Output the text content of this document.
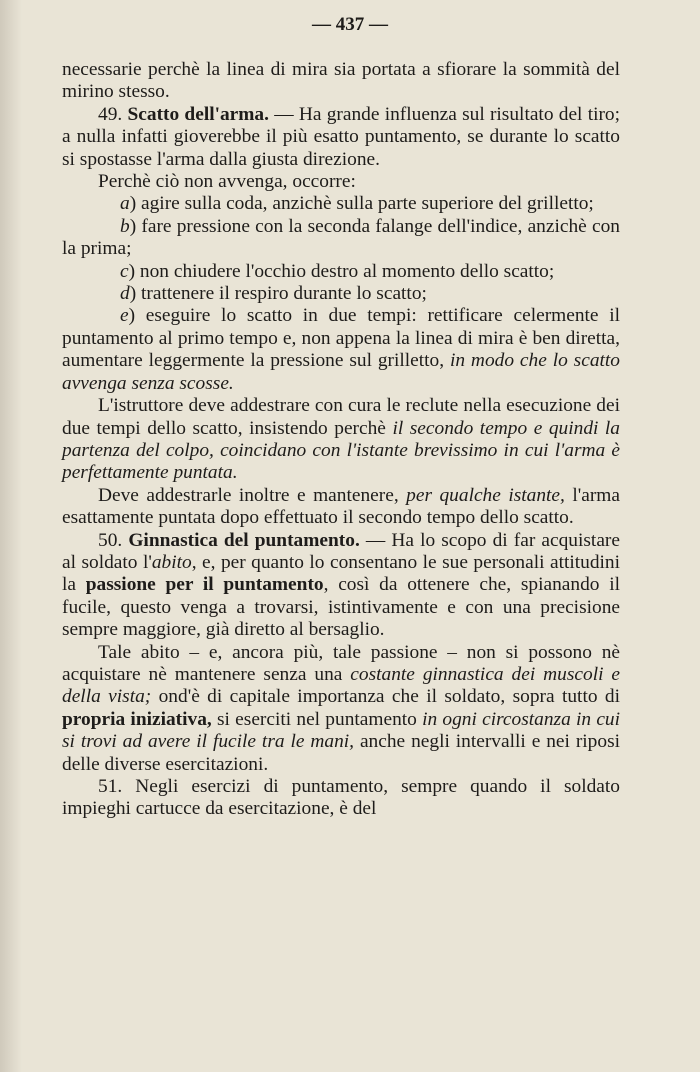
— 437 —

necessarie perchè la linea di mira sia portata a sfiorare la sommità del mirino stesso.

49. Scatto dell'arma. — Ha grande influenza sul risultato del tiro; a nulla infatti gioverebbe il più esatto puntamento, se durante lo scatto si spostasse l'arma dalla giusta direzione.

Perchè ciò non avvenga, occorre:

a) agire sulla coda, anzichè sulla parte superiore del grilletto;

b) fare pressione con la seconda falange dell'indice, anzichè con la prima;

c) non chiudere l'occhio destro al momento dello scatto;

d) trattenere il respiro durante lo scatto;

e) eseguire lo scatto in due tempi: rettificare celermente il puntamento al primo tempo e, non appena la linea di mira è ben diretta, aumentare leggermente la pressione sul grilletto, in modo che lo scatto avvenga senza scosse.

L'istruttore deve addestrare con cura le reclute nella esecuzione dei due tempi dello scatto, insistendo perchè il secondo tempo e quindi la partenza del colpo, coincidano con l'istante brevissimo in cui l'arma è perfettamente puntata.

Deve addestrarle inoltre e mantenere, per qualche istante, l'arma esattamente puntata dopo effettuato il secondo tempo dello scatto.

50. Ginnastica del puntamento. — Ha lo scopo di far acquistare al soldato l'abito, e, per quanto lo consentano le sue personali attitudini la passione per il puntamento, così da ottenere che, spianando il fucile, questo venga a trovarsi, istintivamente e con una precisione sempre maggiore, già diretto al bersaglio.

Tale abito – e, ancora più, tale passione – non si possono nè acquistare nè mantenere senza una costante ginnastica dei muscoli e della vista; ond'è di capitale importanza che il soldato, sopra tutto di propria iniziativa, si eserciti nel puntamento in ogni circostanza in cui si trovi ad avere il fucile tra le mani, anche negli intervalli e nei riposi delle diverse esercitazioni.

51. Negli esercizi di puntamento, sempre quando il soldato impieghi cartucce da esercitazione, è del
